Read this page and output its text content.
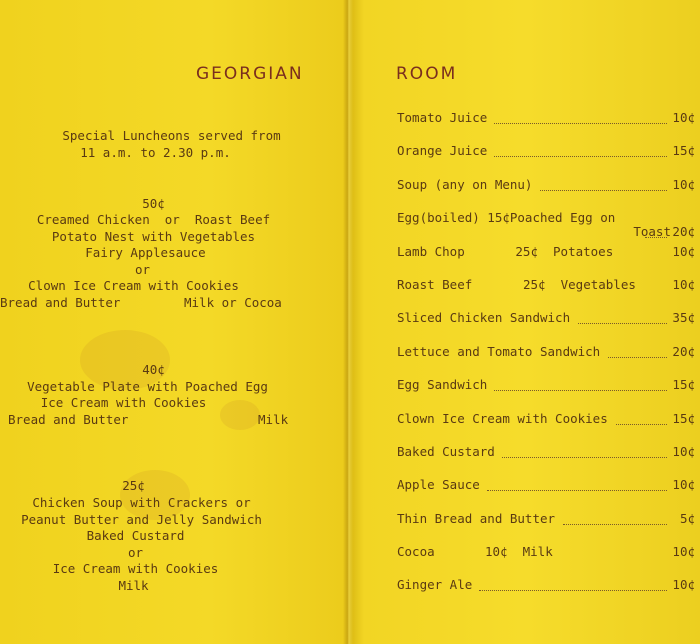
GEORGIAN
Special Luncheons served from
11 a.m. to 2.30 p.m.
50¢
Creamed Chicken  or  Roast Beef
Potato Nest with Vegetables
Fairy Applesauce
or
Clown Ice Cream with Cookies
Bread and Butter	Milk or Cocoa
40¢
Vegetable Plate with Poached Egg
Ice Cream with Cookies
Bread and Butter	Milk
25¢
Chicken Soup with Crackers or
Peanut Butter and Jelly Sandwich
Baked Custard
or
Ice Cream with Cookies
Milk
ROOM
Tomato Juice	10¢
Orange Juice	15¢
Soup (any on Menu)	10¢
Egg(boiled) 15¢Poached Egg on
Toast 20¢
Lamb Chop	25¢  Potatoes	10¢
Roast Beef	25¢  Vegetables	10¢
Sliced Chicken Sandwich	35¢
Lettuce and Tomato Sandwich	20¢
Egg Sandwich	15¢
Clown Ice Cream with Cookies	15¢
Baked Custard	10¢
Apple Sauce	10¢
Thin Bread and Butter	5¢
Cocoa	10¢  Milk	10¢
Ginger Ale	10¢
